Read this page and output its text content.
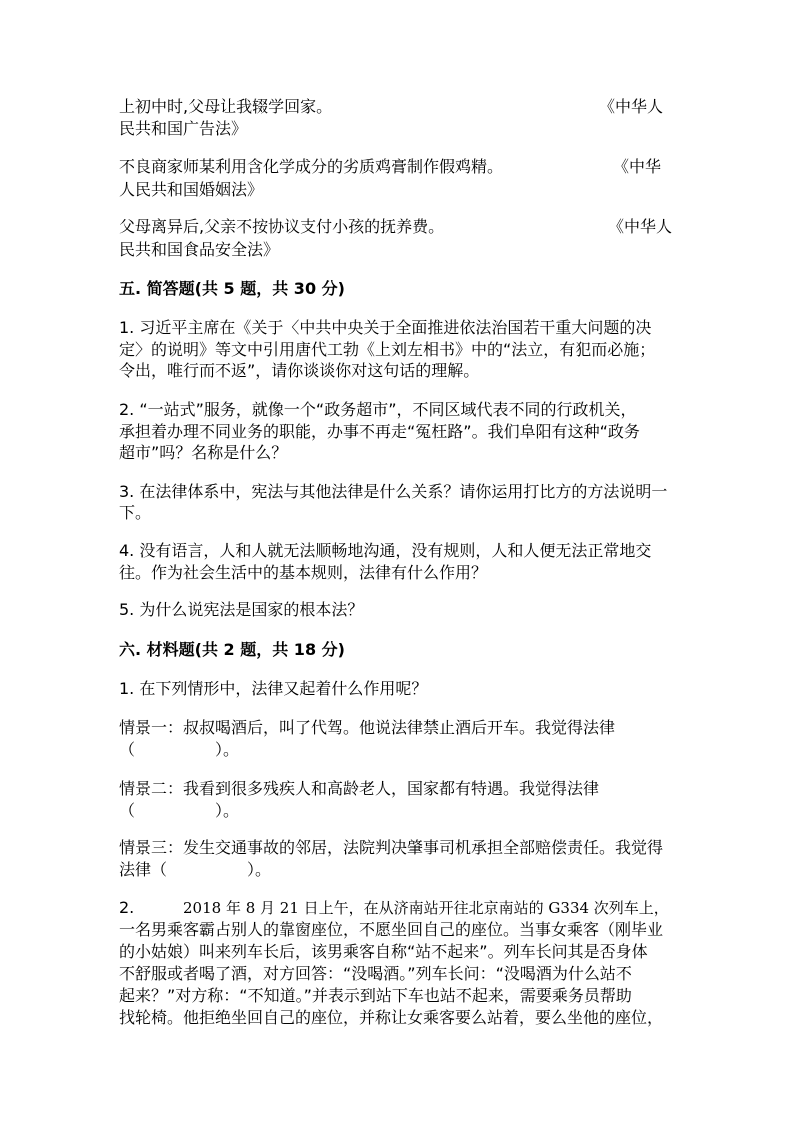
上初中时,父母让我辍学回家。	《中华人
民共和国广告法》
不良商家师某利用含化学成分的劣质鸡膏制作假鸡精。	《中华
人民共和国婚姻法》
父母离异后,父亲不按协议支付小孩的抚养费。	《中华人
民共和国食品安全法》
五. 简答题(共 5 题，共 30 分)
1. 习近平主席在《关于〈中共中央关于全面推进依法治国若干重大问题的决
定〉的说明》等文中引用唐代工勃《上刘左相书》中的“法立，有犯而必施；
令出，唯行而不返”，请你谈谈你对这句话的理解。
2. “一站式”服务，就像一个“政务超市”，不同区域代表不同的行政机关，
承担着办理不同业务的职能，办事不再走“冤枉路”。我们阜阳有这种“政务
超市”吗？名称是什么？
3. 在法律体系中，宪法与其他法律是什么关系？请你运用打比方的方法说明一
下。
4. 没有语言，人和人就无法顺畅地沟通，没有规则，人和人便无法正常地交
往。作为社会生活中的基本规则，法律有什么作用？
5. 为什么说宪法是国家的根本法？
六. 材料题(共 2 题，共 18 分)
1. 在下列情形中，法律又起着什么作用呢？
情景一：叔叔喝酒后，叫了代驾。他说法律禁止酒后开车。我觉得法律
（　　　　　）。
情景二：我看到很多残疾人和高龄老人，国家都有特遇。我觉得法律
（　　　　　）。
情景三：发生交通事故的邻居，法院判决肇事司机承担全部赔偿责任。我觉得
法律（　　　　　）。
2.	2018 年 8 月 21 日上午，在从济南站开往北京南站的 G334 次列车上，
一名男乘客霸占别人的靠窗座位，不愿坐回自己的座位。当事女乘客（刚毕业
的小姑娘）叫来列车长后，该男乘客自称“站不起来”。列车长问其是否身体
不舒服或者喝了酒，对方回答：“没喝酒。”列车长问：“没喝酒为什么站不
起来？”对方称：“不知道。”并表示到站下车也站不起来，需要乘务员帮助
找轮椅。他拒绝坐回自己的座位，并称让女乘客要么站着，要么坐他的座位，
